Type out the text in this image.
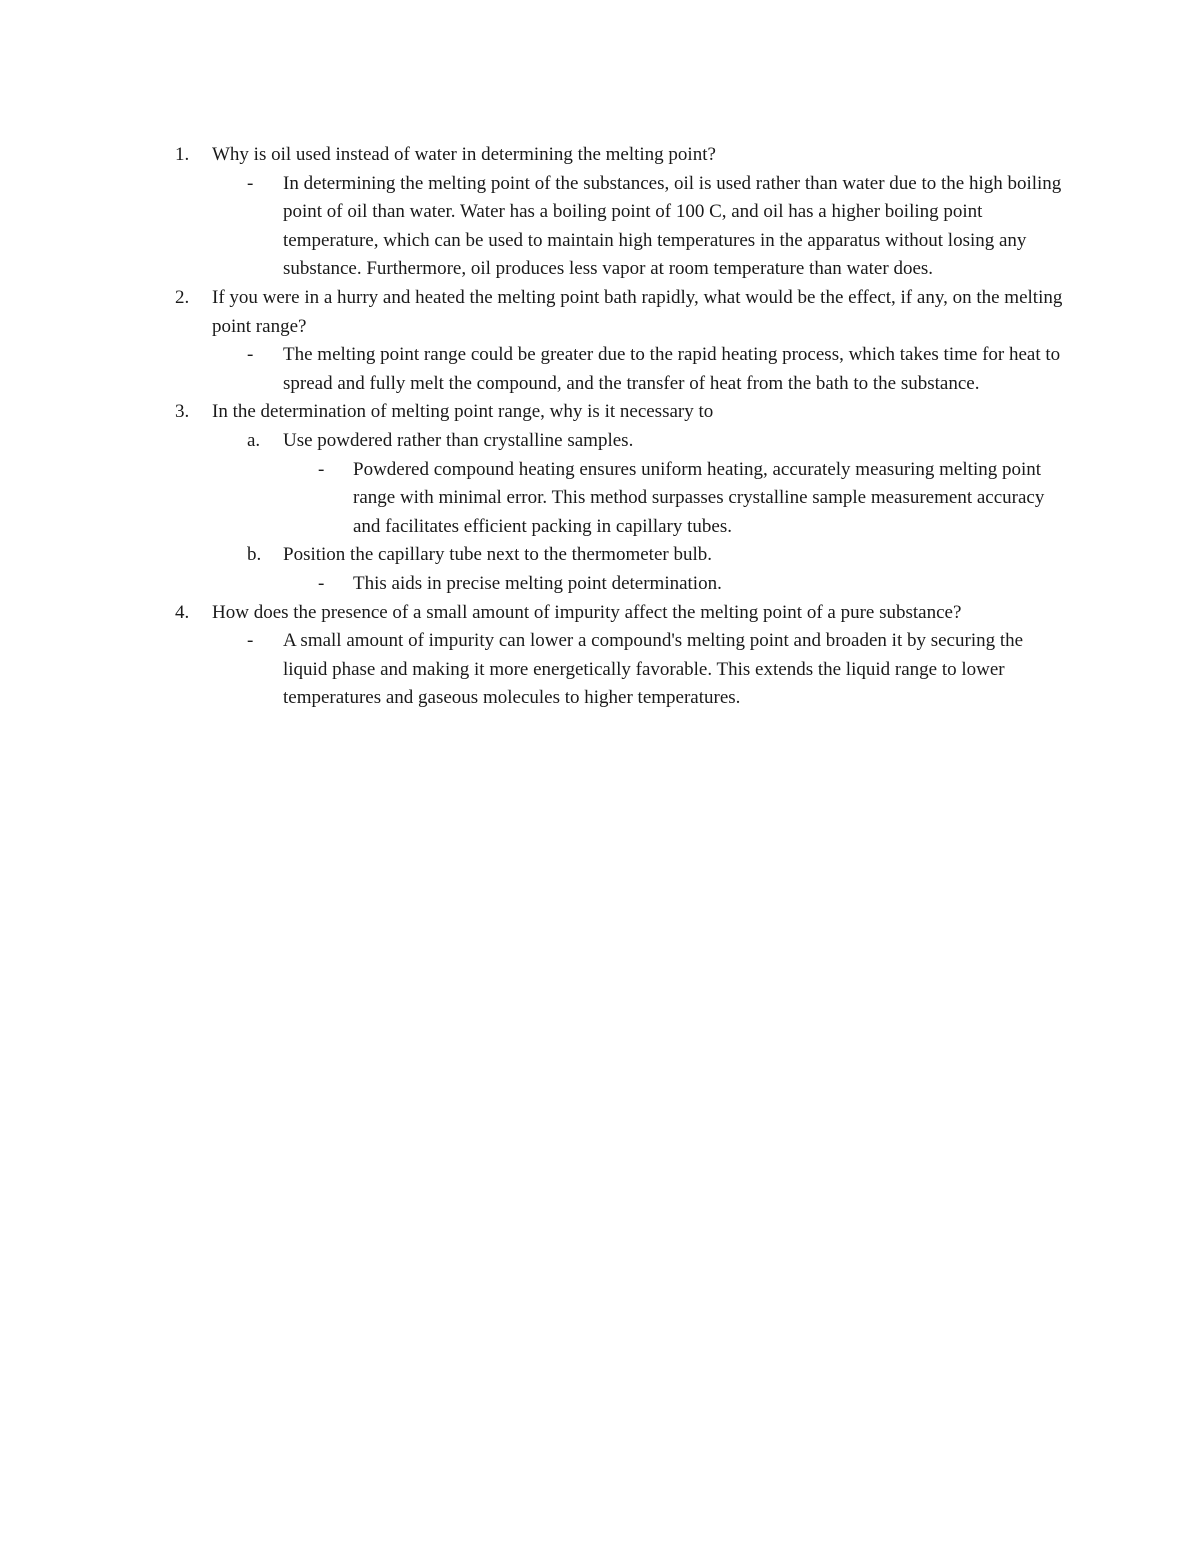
1. Why is oil used instead of water in determining the melting point?
- In determining the melting point of the substances, oil is used rather than water due to the high boiling point of oil than water. Water has a boiling point of 100 C, and oil has a higher boiling point temperature, which can be used to maintain high temperatures in the apparatus without losing any substance. Furthermore, oil produces less vapor at room temperature than water does.
2. If you were in a hurry and heated the melting point bath rapidly, what would be the effect, if any, on the melting point range?
- The melting point range could be greater due to the rapid heating process, which takes time for heat to spread and fully melt the compound, and the transfer of heat from the bath to the substance.
3. In the determination of melting point range, why is it necessary to
a. Use powdered rather than crystalline samples.
- Powdered compound heating ensures uniform heating, accurately measuring melting point range with minimal error. This method surpasses crystalline sample measurement accuracy and facilitates efficient packing in capillary tubes.
b. Position the capillary tube next to the thermometer bulb.
- This aids in precise melting point determination.
4. How does the presence of a small amount of impurity affect the melting point of a pure substance?
- A small amount of impurity can lower a compound's melting point and broaden it by securing the liquid phase and making it more energetically favorable. This extends the liquid range to lower temperatures and gaseous molecules to higher temperatures.
